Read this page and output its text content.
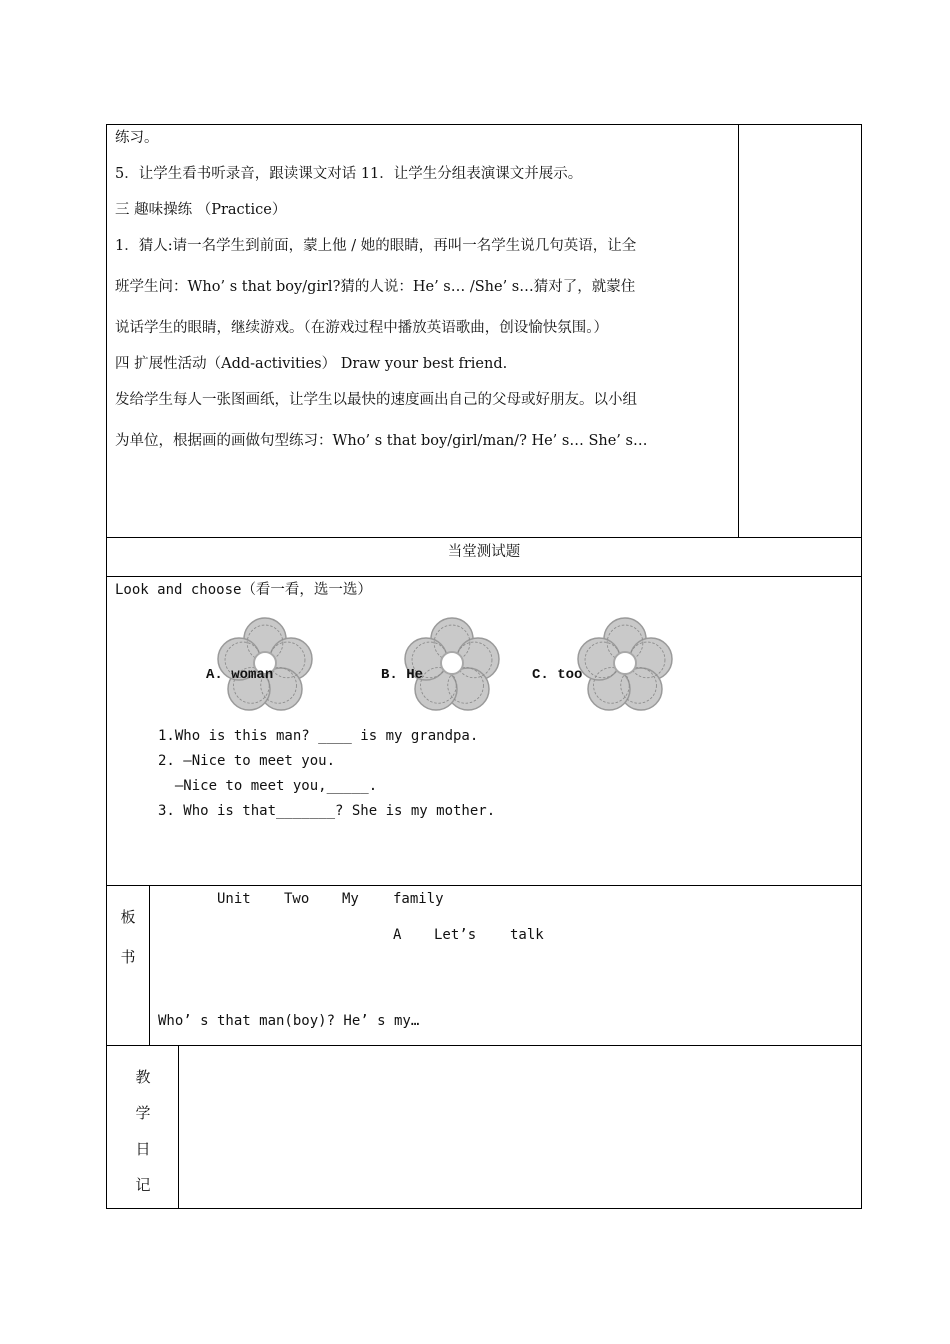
练习。
5．让学生看书听录音，跟读课文对话 11．让学生分组表演课文并展示。
三 趣味操练 （Practice）
1．猜人:请一名学生到前面，蒙上他 / 她的眼睛，再叫一名学生说几句英语，让全
班学生问：Who’ s that boy/girl?猜的人说：He’ s… /She’ s…猜对了，就蒙住
说话学生的眼睛，继续游戏。（在游戏过程中播放英语歌曲，创设愉快氛围。）
四 扩展性活动（Add-activities） Draw your best friend.
发给学生每人一张图画纸，让学生以最快的速度画出自己的父母或好朋友。以小组
为单位，根据画的画做句型练习：Who’ s that boy/girl/man/? He’ s… She’ s…
当堂测试题
Look and choose（看一看，选一选）
A. woman	B. He	C. too
1.Who is this man? ____ is my grandpa.
2. —Nice to meet you.
—Nice to meet you,_____.
3. Who is that_______? She is my mother.
板
书
Unit Two My family
A Let’s talk
Who’ s that man(boy)? He’ s my…
教
学
日
记
